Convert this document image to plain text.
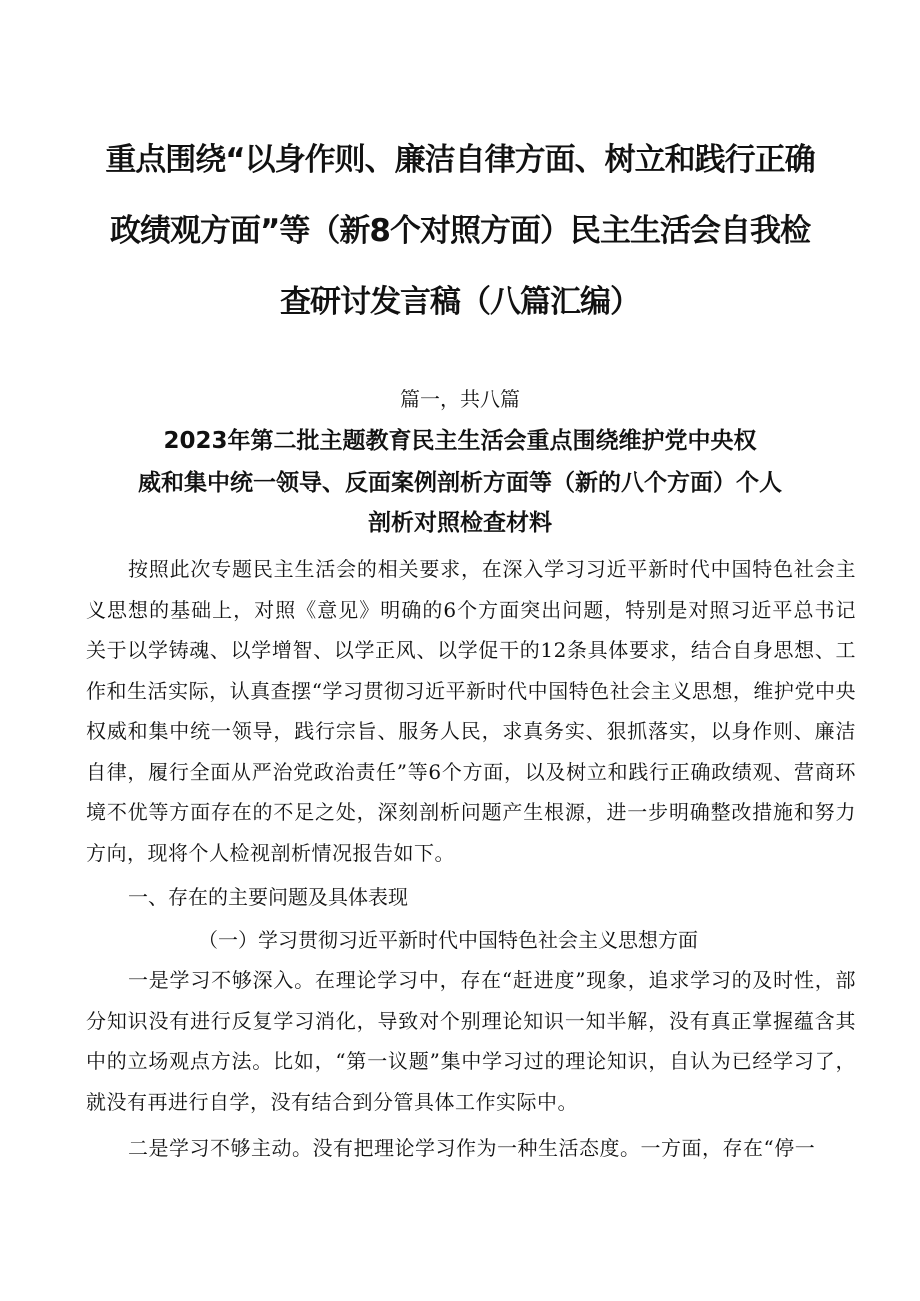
重点围绕“以身作则、廉洁自律方面、树立和践行正确
政绩观方面”等（新8个对照方面）民主生活会自我检
查研讨发言稿（八篇汇编）
篇一，共八篇
2023年第二批主题教育民主生活会重点围绕维护党中央权
威和集中统一领导、反面案例剖析方面等（新的八个方面）个人
剖析对照检查材料

按照此次专题民主生活会的相关要求，在深入学习习近平新时代中国特色社会主义思想的基础上，对照《意见》明确的6个方面突出问题，特别是对照习近平总书记关于以学铸魂、以学增智、以学正风、以学促干的12条具体要求，结合自身思想、工作和生活实际，认真查摆“学习贯彻习近平新时代中国特色社会主义思想，维护党中央权威和集中统一领导，践行宗旨、服务人民，求真务实、狠抓落实，以身作则、廉洁自律，履行全面从严治党政治责任”等6个方面，以及树立和践行正确政绩观、营商环境不优等方面存在的不足之处，深刻剖析问题产生根源，进一步明确整改措施和努力方向，现将个人检视剖析情况报告如下。

一、存在的主要问题及具体表现
（一）学习贯彻习近平新时代中国特色社会主义思想方面

一是学习不够深入。在理论学习中，存在“赶进度”现象，追求学习的及时性，部分知识没有进行反复学习消化，导致对个别理论知识一知半解，没有真正掌握蕴含其中的立场观点方法。比如，“第一议题”集中学习过的理论知识，自认为已经学习了，就没有再进行自学，没有结合到分管具体工作实际中。

二是学习不够主动。没有把理论学习作为一种生活态度。一方面，存在“停一
